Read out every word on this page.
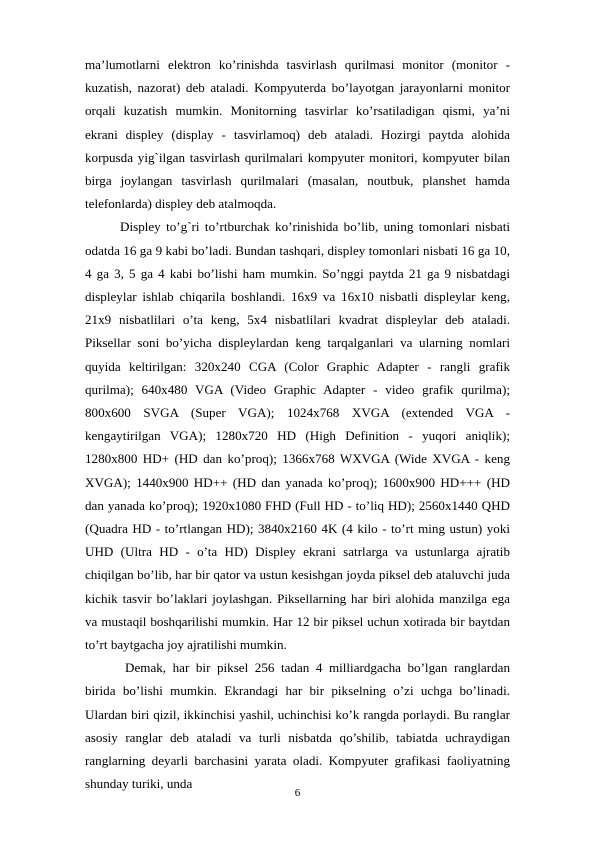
ma’lumotlarni elektron ko’rinishda tasvirlash qurilmasi monitor (monitor - kuzatish, nazorat) deb ataladi. Kompyuterda bo’layotgan jarayonlarni monitor orqali kuzatish mumkin. Monitorning tasvirlar ko’rsatiladigan qismi, ya’ni ekrani displey (display - tasvirlamoq) deb ataladi. Hozirgi paytda alohida korpusda yig`ilgan tasvirlash qurilmalari kompyuter monitori, kompyuter bilan birga joylangan tasvirlash qurilmalari (masalan, noutbuk, planshet hamda telefonlarda) displey deb atalmoqda.

Displey to’g`ri to’rtburchak ko’rinishida bo’lib, uning tomonlari nisbati odatda 16 ga 9 kabi bo’ladi. Bundan tashqari, displey tomonlari nisbati 16 ga 10, 4 ga 3, 5 ga 4 kabi bo’lishi ham mumkin. So’nggi paytda 21 ga 9 nisbatdagi displeylar ishlab chiqarila boshlandi. 16x9 va 16x10 nisbatli displeylar keng, 21x9 nisbatlilari o’ta keng, 5x4 nisbatlilari kvadrat displeylar deb ataladi. Piksellar soni bo’yicha displeylardan keng tarqalganlari va ularning nomlari quyida keltirilgan: 320x240 CGA (Color Graphic Adapter - rangli grafik qurilma); 640x480 VGA (Video Graphic Adapter - video grafik qurilma); 800x600 SVGA (Super VGA); 1024x768 XVGA (extended VGA - kengaytirilgan VGA); 1280x720 HD (High Definition - yuqori aniqlik); 1280x800 HD+ (HD dan ko’proq); 1366x768 WXVGA (Wide XVGA - keng XVGA); 1440x900 HD++ (HD dan yanada ko’proq); 1600x900 HD+++ (HD dan yanada ko’proq); 1920x1080 FHD (Full HD - to’liq HD); 2560x1440 QHD (Quadra HD - to’rtlangan HD); 3840x2160 4K (4 kilo - to’rt ming ustun) yoki UHD (Ultra HD - o’ta HD) Displey ekrani satrlarga va ustunlarga ajratib chiqilgan bo’lib, har bir qator va ustun kesishgan joyda piksel deb ataluvchi juda kichik tasvir bo’laklari joylashgan. Piksellarning har biri alohida manzilga ega va mustaqil boshqarilishi mumkin. Har 12 bir piksel uchun xotirada bir baytdan to’rt baytgacha joy ajratilishi mumkin.

Demak, har bir piksel 256 tadan 4 milliardgacha bo’lgan ranglardan birida bo’lishi mumkin. Ekrandagi har bir pikselning o’zi uchga bo’linadi. Ulardan biri qizil, ikkinchisi yashil, uchinchisi ko’k rangda porlaydi. Bu ranglar asosiy ranglar deb ataladi va turli nisbatda qo’shilib, tabiatda uchraydigan ranglarning deyarli barchasini yarata oladi. Kompyuter grafikasi faoliyatning shunday turiki, unda

6
